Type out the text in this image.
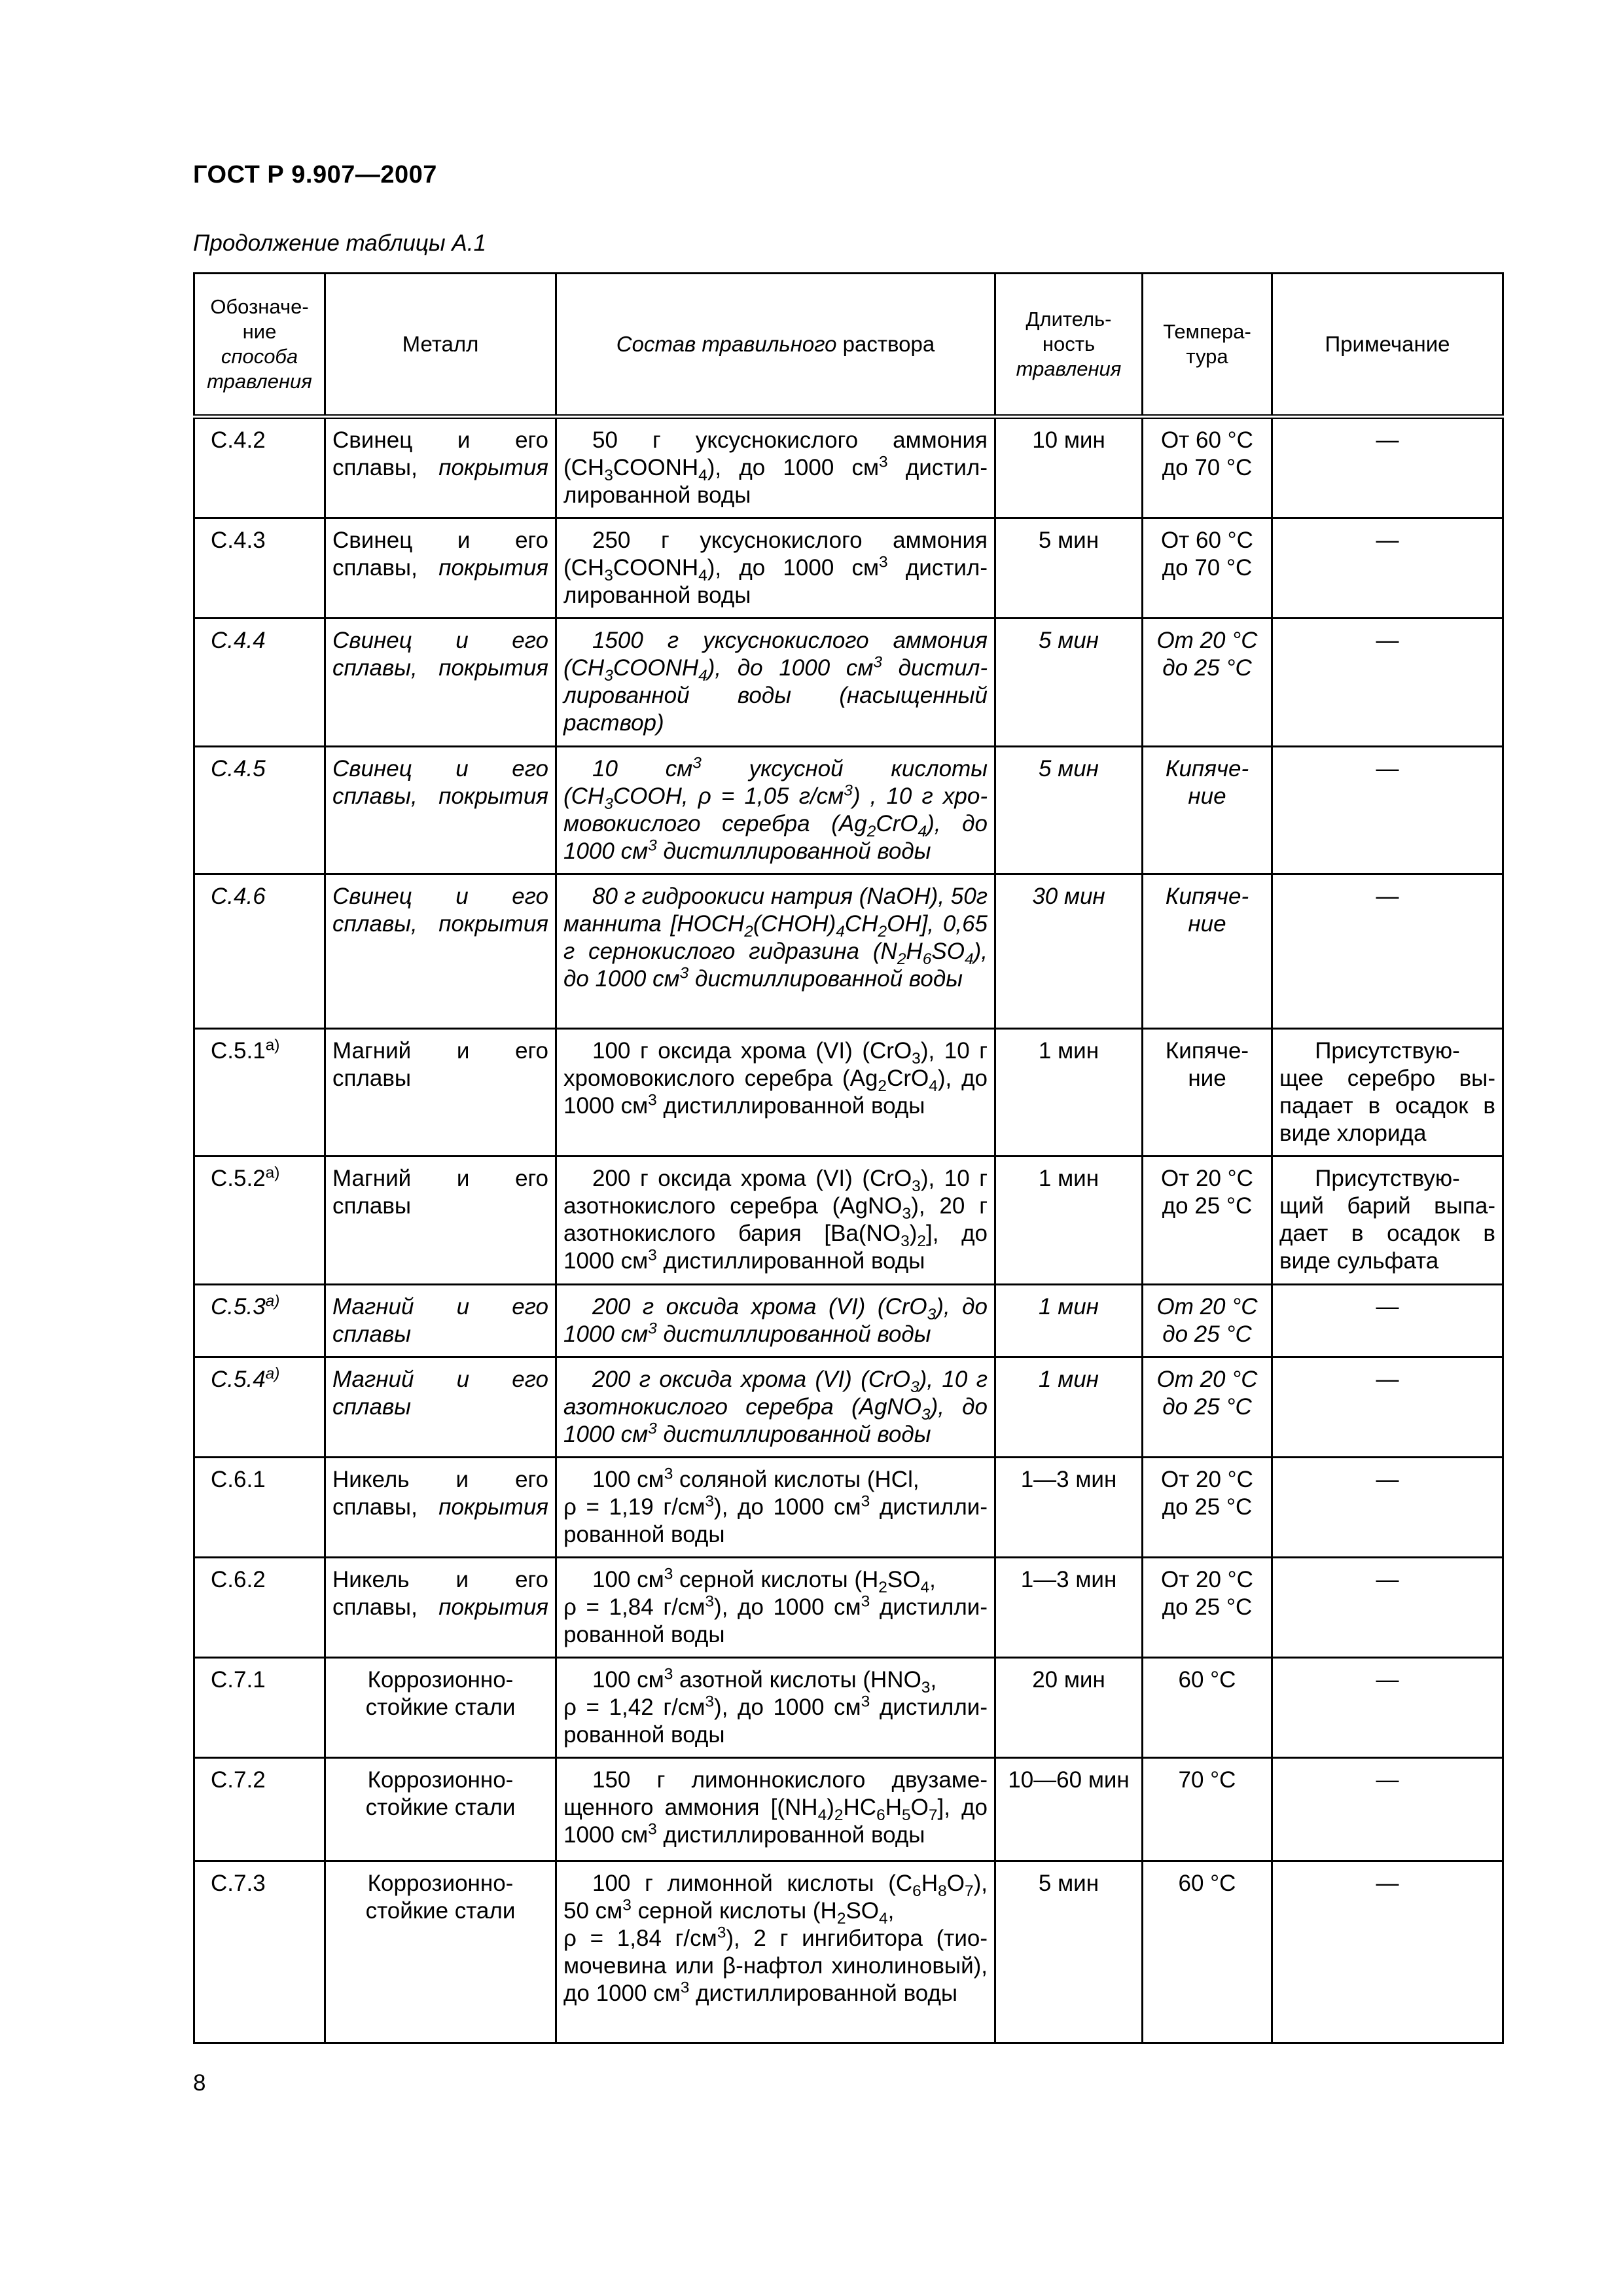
ГОСТ Р 9.907—2007
Продолжение таблицы А.1
Обозначе-
ние
способа
травления	Металл	Состав травильного раствора	Длитель-
ность
травления	Темпера-
тура	Примечание
С.4.2	Свинец и его
сплавы, покрытия	50 г уксуснокислого аммония $(CH_3COONH_4)$, до 1000 $см^3$ дистиллированной воды	10 мин	От 60 °С
до 70 °С	—
С.4.3	Свинец и его
сплавы, покрытия	250 г уксуснокислого аммония $(CH_3COONH_4)$, до 1000 $см^3$ дистиллированной воды	5 мин	От 60 °С
до 70 °С	—
С.4.4	Свинец и его
сплавы, покрытия	1500 г уксуснокислого аммония $(CH_3COONH_4)$, до 1000 $см^3$ дистиллированной воды (насыщенный раствор)	5 мин	От 20 °С
до 25 °С	—
С.4.5	Свинец и его
сплавы, покрытия	10 $см^3$ уксусной кислоты ($CH_3COOH$, ρ = 1,05 $г/см^3$) , 10 г хромовокислого серебра $(Ag_2CrO_4)$, до 1000 $см^3$ дистиллированной воды	5 мин	Кипяче-
ние	—
С.4.6	Свинец и его
сплавы, покрытия	80 г гидроокиси натрия (NaOH), 50г маннита $[HOCH_2(CHOH)_4CH_2OH]$, 0,65 г сернокислого гидразина $(N_2H_6SO_4)$, до 1000 $см^3$ дистиллированной воды	30 мин	Кипяче-
ние	—
$С.5.1^{а)}$	Магний и его
сплавы	100 г оксида хрома (VI) (CrO$_3$), 10 г хромовокислого серебра $(Ag_2CrO_4)$, до 1000 $см^3$ дистиллированной воды	1 мин	Кипяче-
ние	Присутствую-
щее серебро вы-
падает в осадок в
виде хлорида

$С.5.2^{а)}$	Магний и его
сплавы	200 г оксида хрома (VI) (CrO$_3$), 10 г азотнокислого серебра (AgNO$_3$), 20 г азотнокислого бария $[Ba(NO_3)_2]$, до 1000 $см^3$ дистиллированной воды	1 мин	От 20 °С
до 25 °С	Присутствую-
щий барий выпа-
дает в осадок в
виде сульфата

$С.5.3^{а)}$	Магний и его
сплавы	200 г оксида хрома (VI) (CrO$_3$), до 1000 $см^3$ дистиллированной воды	1 мин	От 20 °С
до 25 °С	—
$С.5.4^{а)}$	Магний и его
сплавы	200 г оксида хрома (VI) (CrO$_3$), 10 г азотнокислого серебра (AgNO$_3$), до 1000 $см^3$ дистиллированной воды	1 мин	От 20 °С
до 25 °С	—
С.6.1	Никель и его
сплавы, покрытия	100 $см^3$ соляной кислоты (HCl,
ρ = 1,19 $г/см^3$), до 1000 $см^3$ дистиллированной воды	1—3 мин	От 20 °С
до 25 °С	—
С.6.2	Никель и его
сплавы, покрытия	100 $см^3$ серной кислоты ($H_2SO_4$,
ρ = 1,84 $г/см^3$), до 1000 $см^3$ дистиллированной воды	1—3 мин	От 20 °С
до 25 °С	—
С.7.1	Коррозионно-
стойкие стали	100 $см^3$ азотной кислоты ($HNO_3$,
ρ = 1,42 $г/см^3$), до 1000 $см^3$ дистиллированной воды	20 мин	60 °С	—
С.7.2	Коррозионно-
стойкие стали	150 г лимоннокислого двузамещенного аммония $[(NH_4)_2HC_6H_5O_7]$, до 1000 $см^3$ дистиллированной воды	10—60 мин	70 °С	—
С.7.3	Коррозионно-
стойкие стали	100 г лимонной кислоты $(C_6H_8O_7)$, 50 $см^3$ серной кислоты ($H_2SO_4$,
ρ = 1,84 $г/см^3$), 2 г ингибитора (тиомочевина или β-нафтол хинолиновый), до 1000 $см^3$ дистиллированной воды	5 мин	60 °С	—
8
